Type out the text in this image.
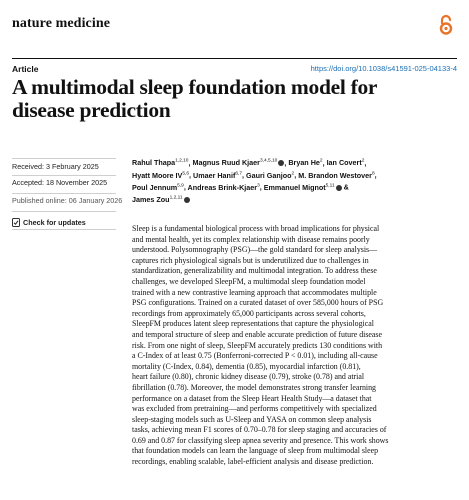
nature medicine
Article	https://doi.org/10.1038/s41591-025-04133-4
A multimodal sleep foundation model for
disease prediction
Received: 3 February 2025
Accepted: 18 November 2025
Published online: 06 January 2026
Check for updates
Rahul Thapa$^{1,2,10}$, Magnus Ruud Kjaer$^{3,4,5,10}$ , Bryan He$^2$, Ian Covert$^2$,
Hyatt Moore IV$^{5,6}$, Umaer Hanif$^{6,7}$, Gauri Ganjoo$^2$, M. Brandon Westover$^8$,
Poul Jennum$^{5,9}$, Andreas Brink-Kjaer$^3$, Emmanuel Mignot$^{5,11}$ &
James Zou$^{1,2,11}$
Sleep is a fundamental biological process with broad implications for physical
and mental health, yet its complex relationship with disease remains poorly
understood. Polysomnography (PSG)—the gold standard for sleep analysis—
captures rich physiological signals but is underutilized due to challenges in
standardization, generalizability and multimodal integration. To address these
challenges, we developed SleepFM, a multimodal sleep foundation model
trained with a new contrastive learning approach that accommodates multiple
PSG configurations. Trained on a curated dataset of over 585,000 hours of PSG
recordings from approximately 65,000 participants across several cohorts,
SleepFM produces latent sleep representations that capture the physiological
and temporal structure of sleep and enable accurate prediction of future disease
risk. From one night of sleep, SleepFM accurately predicts 130 conditions with
a C-Index of at least 0.75 (Bonferroni-corrected P < 0.01), including all-cause
mortality (C-Index, 0.84), dementia (0.85), myocardial infarction (0.81),
heart failure (0.80), chronic kidney disease (0.79), stroke (0.78) and atrial
fibrillation (0.78). Moreover, the model demonstrates strong transfer learning
performance on a dataset from the Sleep Heart Health Study—a dataset that
was excluded from pretraining—and performs competitively with specialized
sleep-staging models such as U-Sleep and YASA on common sleep analysis
tasks, achieving mean F1 scores of 0.70–0.78 for sleep staging and accuracies of
0.69 and 0.87 for classifying sleep apnea severity and presence. This work shows
that foundation models can learn the language of sleep from multimodal sleep
recordings, enabling scalable, label-efficient analysis and disease prediction.
